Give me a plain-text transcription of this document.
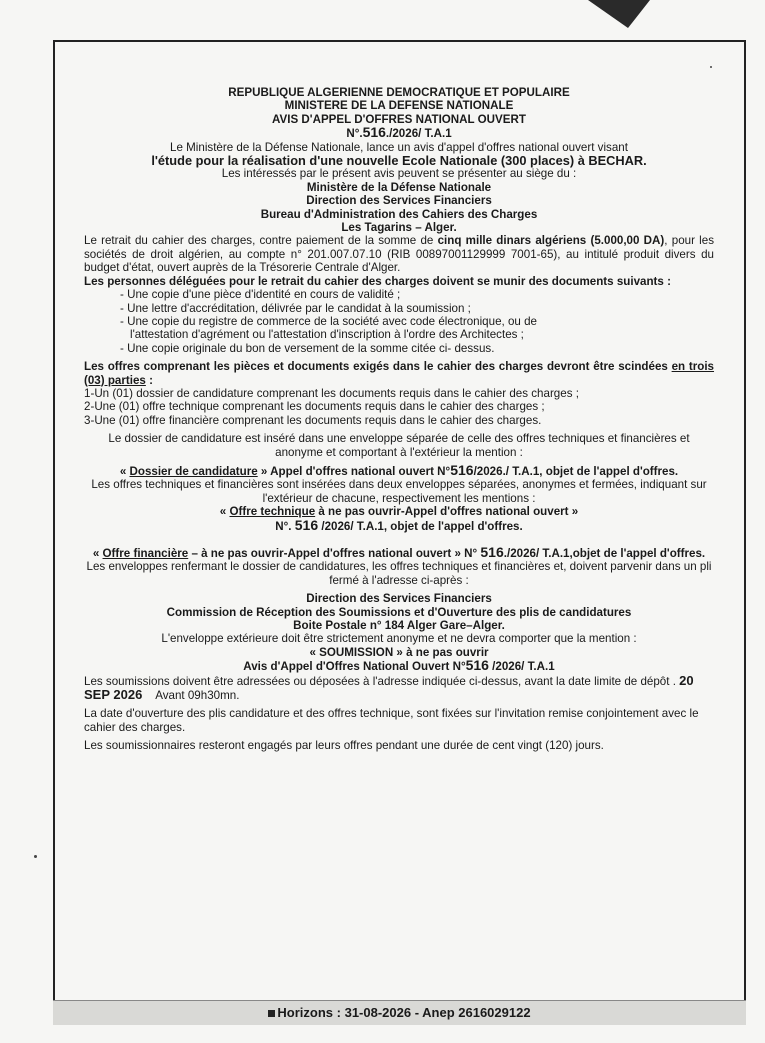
REPUBLIQUE ALGERIENNE DEMOCRATIQUE ET POPULAIRE

MINISTERE DE LA DEFENSE NATIONALE

AVIS D'APPEL D'OFFRES NATIONAL OUVERT

N°.516./2026/ T.A.1

Le Ministère de la Défense Nationale, lance un avis d'appel d'offres national ouvert visant

l'étude pour la réalisation d'une nouvelle Ecole Nationale (300 places) à BECHAR.

Les intéressés par le présent avis peuvent se présenter au siège du :

Ministère de la Défense Nationale

Direction des Services Financiers

Bureau d'Administration des Cahiers des Charges

Les Tagarins – Alger.

Le retrait du cahier des charges, contre paiement de la somme de cinq mille dinars algériens (5.000,00 DA), pour les sociétés de droit algérien, au compte n° 201.007.07.10 (RIB 00897001129999 7001-65), au intitulé produit divers du budget d'état, ouvert auprès de la Trésorerie Centrale d'Alger.

Les personnes déléguées pour le retrait du cahier des charges doivent se munir des documents suivants :

- Une copie d'une pièce d'identité en cours de validité ;
- Une lettre d'accréditation, délivrée par le candidat à la soumission ;
- Une copie du registre de commerce de la société avec code électronique, ou de
l'attestation d'agrément ou l'attestation d'inscription à l'ordre des Architectes ;
- Une copie originale du bon de versement de la somme citée ci- dessus.

Les offres comprenant les pièces et documents exigés dans le cahier des charges devront être scindées en trois (03) parties :

1-Un (01) dossier de candidature comprenant les documents requis dans le cahier des charges ;

2-Une (01) offre technique comprenant les documents requis dans le cahier des charges ;

3-Une (01) offre financière comprenant les documents requis dans le cahier des charges.

Le dossier de candidature est inséré dans une enveloppe séparée de celle des offres techniques et financières et anonyme et comportant à l'extérieur la mention :

« Dossier de candidature » Appel d'offres national ouvert N°516/2026./ T.A.1, objet de l'appel d'offres.

Les offres techniques et financières sont insérées dans deux enveloppes séparées, anonymes et fermées, indiquant sur l'extérieur de chacune, respectivement les mentions :

« Offre technique à ne pas ouvrir-Appel d'offres national ouvert »

N°. 516 /2026/ T.A.1, objet de l'appel d'offres.

« Offre financière – à ne pas ouvrir-Appel d'offres national ouvert » N° 516./2026/ T.A.1,objet de l'appel d'offres.

Les enveloppes renfermant le dossier de candidatures, les offres techniques et financières et, doivent parvenir dans un pli fermé à l'adresse ci-après :

Direction des Services Financiers

Commission de Réception des Soumissions et d'Ouverture des plis de candidatures

Boite Postale n° 184 Alger Gare–Alger.

L'enveloppe extérieure doit être strictement anonyme et ne devra comporter que la mention :

« SOUMISSION » à ne pas ouvrir

Avis d'Appel d'Offres National Ouvert N°516 /2026/ T.A.1

Les soumissions doivent être adressées ou déposées à l'adresse indiquée ci-dessus, avant la date limite de dépôt . 20 SEP 2026 Avant 09h30mn.

La date d'ouverture des plis candidature et des offres technique, sont fixées sur l'invitation remise conjointement avec le cahier des charges.

Les soumissionnaires resteront engagés par leurs offres pendant une durée de cent vingt (120) jours.

Horizons : 31-08-2026 - Anep 2616029122
